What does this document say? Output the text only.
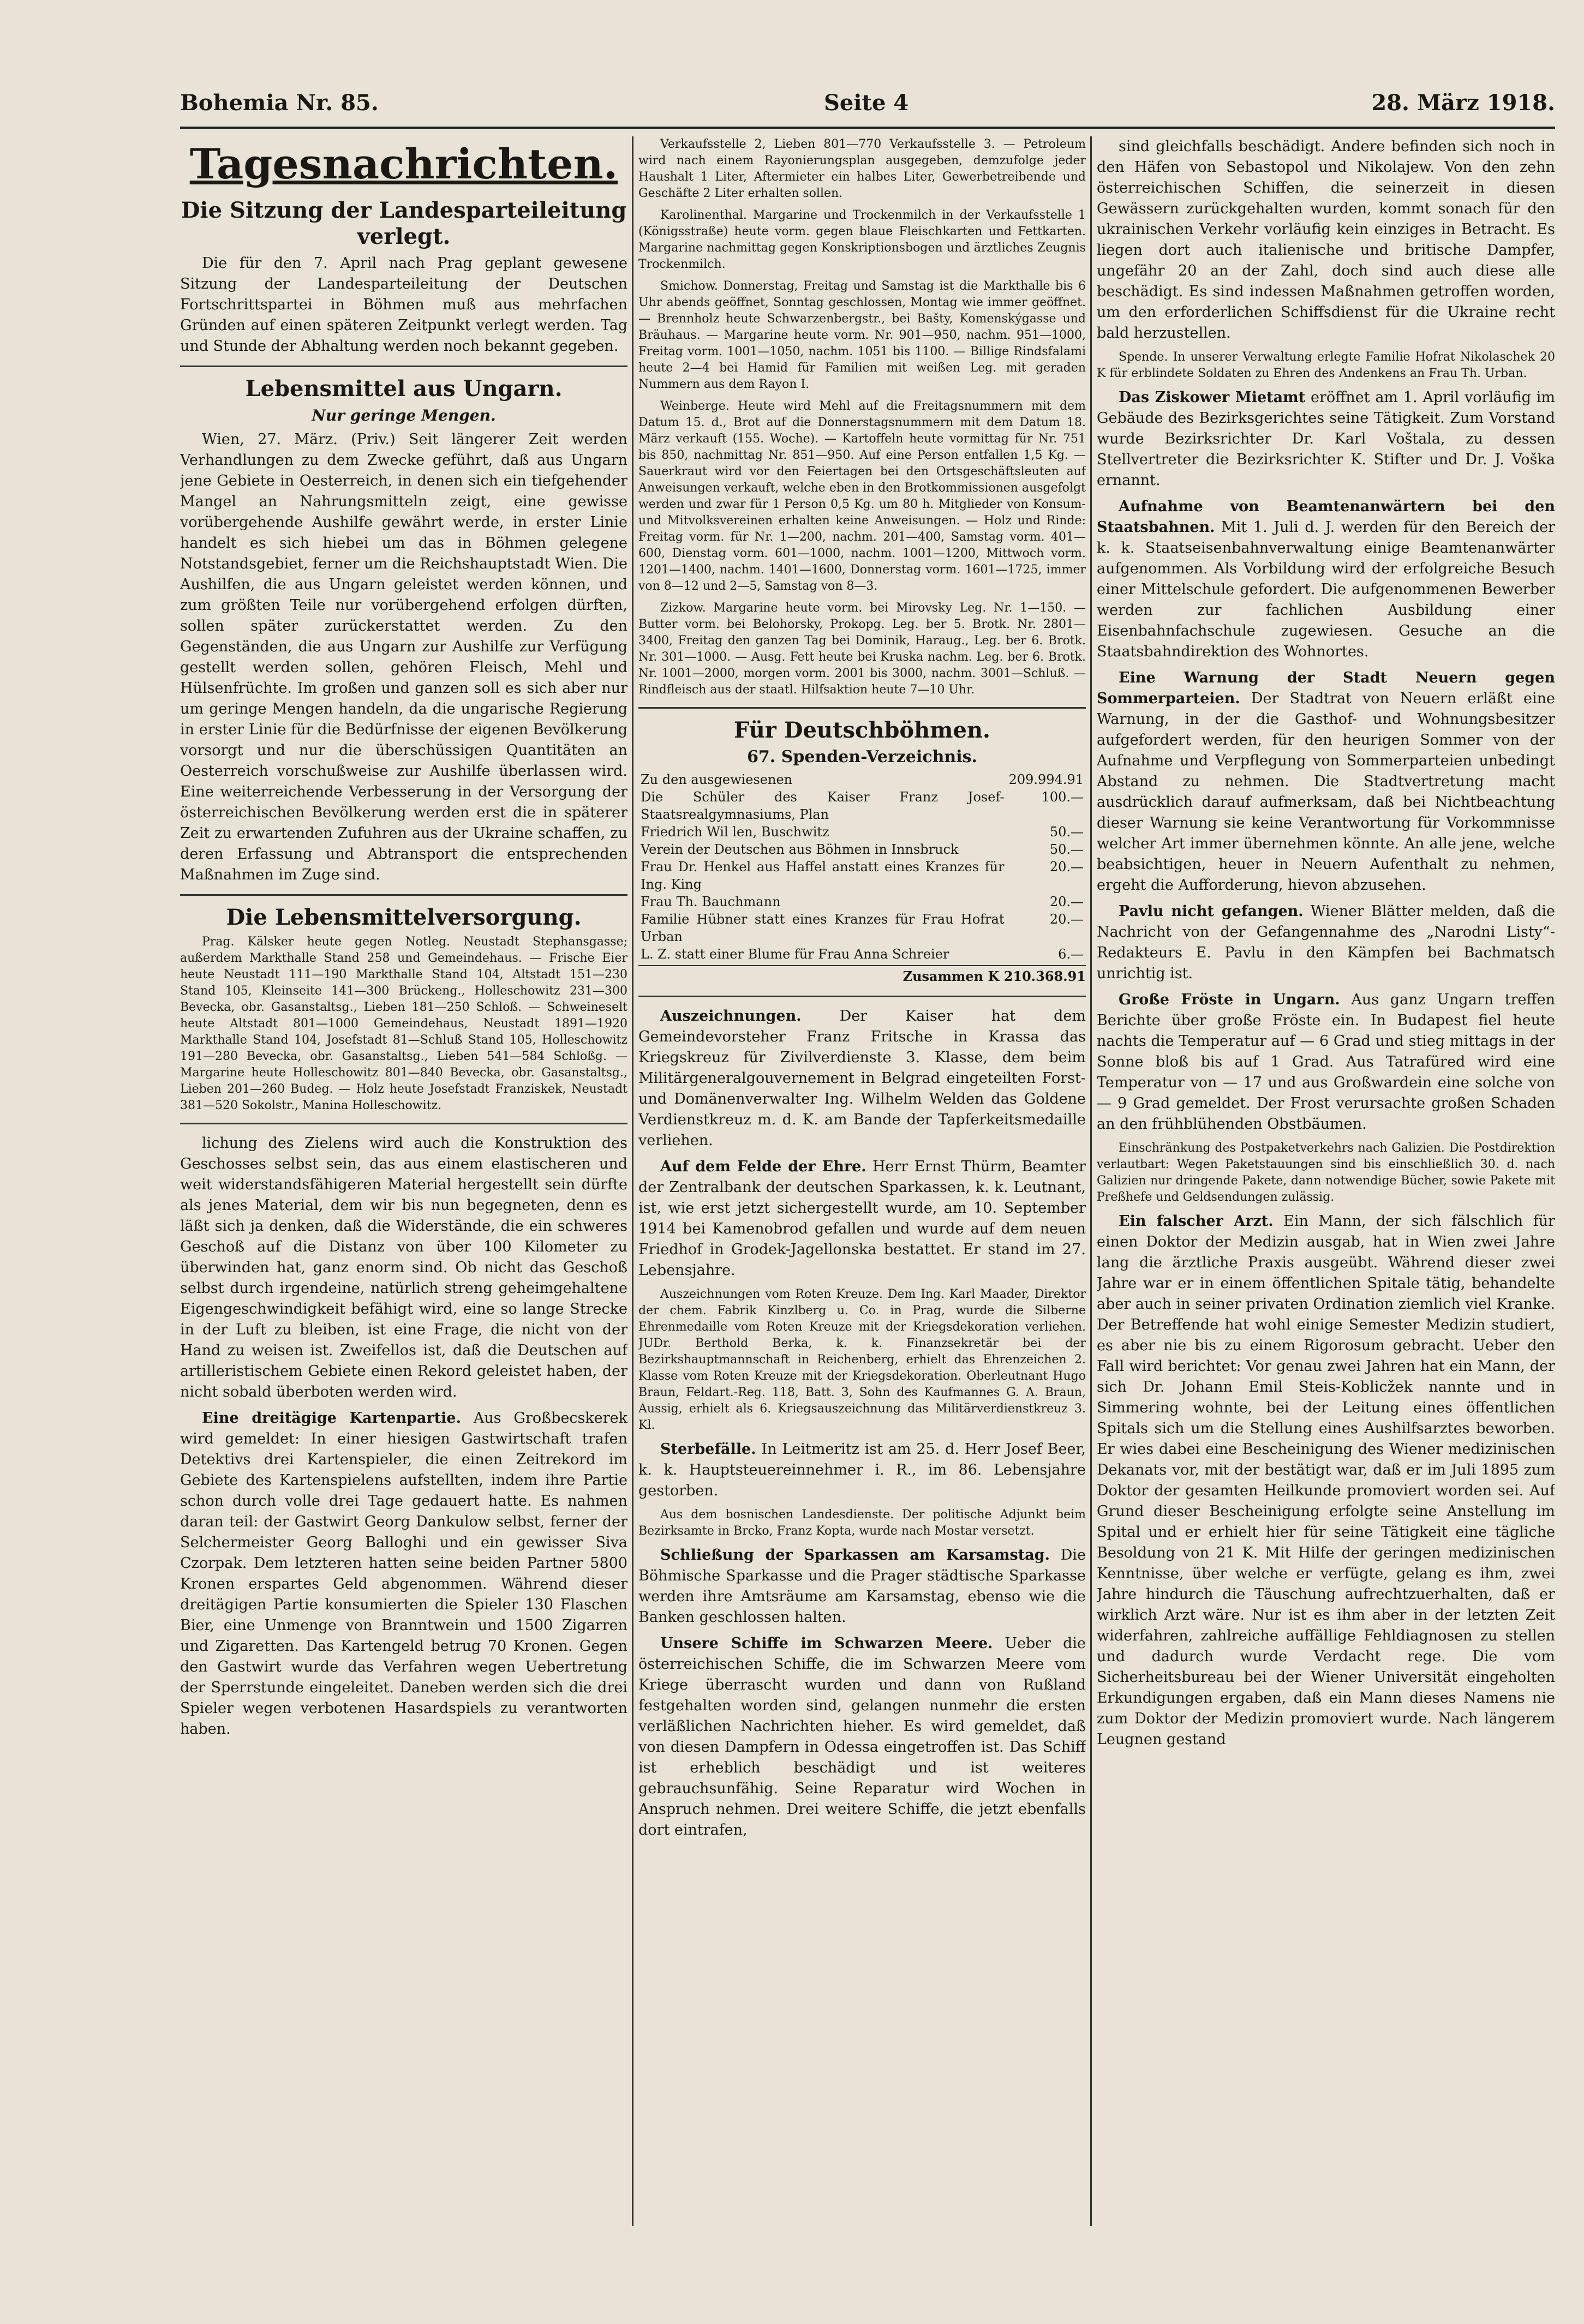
Bohemia Nr. 85.	Seite 4	28. März 1918.
Tagesnachrichten.
Die Sitzung der Landesparteileitung verlegt.

Die für den 7. April nach Prag geplant gewesene Sitzung der Landesparteileitung der Deutschen Fortschrittspartei in Böhmen muß aus mehrfachen Gründen auf einen späteren Zeitpunkt verlegt werden. Tag und Stunde der Abhaltung werden noch bekannt gegeben.

Lebensmittel aus Ungarn.
Nur geringe Mengen.

Wien, 27. März. (Priv.) Seit längerer Zeit werden Verhandlungen zu dem Zwecke geführt, daß aus Ungarn jene Gebiete in Oesterreich, in denen sich ein tiefgehender Mangel an Nahrungsmitteln zeigt, eine gewisse vorübergehende Aushilfe gewährt werde, in erster Linie handelt es sich hiebei um das in Böhmen gelegene Notstandsgebiet, ferner um die Reichshauptstadt Wien. Die Aushilfen, die aus Ungarn geleistet werden können, und zum größten Teile nur vorübergehend erfolgen dürften, sollen später zurückerstattet werden. Zu den Gegenständen, die aus Ungarn zur Aushilfe zur Verfügung gestellt werden sollen, gehören Fleisch, Mehl und Hülsenfrüchte. Im großen und ganzen soll es sich aber nur um geringe Mengen handeln, da die ungarische Regierung in erster Linie für die Bedürfnisse der eigenen Bevölkerung vorsorgt und nur die überschüssigen Quantitäten an Oesterreich vorschußweise zur Aushilfe überlassen wird. Eine weiterreichende Verbesserung in der Versorgung der österreichischen Bevölkerung werden erst die in späterer Zeit zu erwartenden Zufuhren aus der Ukraine schaffen, zu deren Erfassung und Abtransport die entsprechenden Maßnahmen im Zuge sind.

Die Lebensmittelversorgung.

Prag. Kälsker heute gegen Notleg. Neustadt Stephansgasse; außerdem Markthalle Stand 258 und Gemeindehaus. — Frische Eier heute Neustadt 111—190 Markthalle Stand 104, Altstadt 151—230 Stand 105, Kleinseite 141—300 Brückeng., Holleschowitz 231—300 Bevecka, obr. Gasanstaltsg., Lieben 181—250 Schloß. — Schweineselt heute Altstadt 801—1000 Gemeindehaus, Neustadt 1891—1920 Markthalle Stand 104, Josefstadt 81—Schluß Stand 105, Holleschowitz 191—280 Bevecka, obr. Gasanstaltsg., Lieben 541—584 Schloßg. — Margarine heute Holleschowitz 801—840 Bevecka, obr. Gasanstaltsg., Lieben 201—260 Budeg. — Holz heute Josefstadt Franziskek, Neustadt 381—520 Sokolstr., Manina Holleschowitz.

lichung des Zielens wird auch die Konstruktion des Geschosses selbst sein, das aus einem elastischeren und weit widerstandsfähigeren Material hergestellt sein dürfte als jenes Material, dem wir bis nun begegneten, denn es läßt sich ja denken, daß die Widerstände, die ein schweres Geschoß auf die Distanz von über 100 Kilometer zu überwinden hat, ganz enorm sind. Ob nicht das Geschoß selbst durch irgendeine, natürlich streng geheimgehaltene Eigengeschwindigkeit befähigt wird, eine so lange Strecke in der Luft zu bleiben, ist eine Frage, die nicht von der Hand zu weisen ist. Zweifellos ist, daß die Deutschen auf artilleristischem Gebiete einen Rekord geleistet haben, der nicht sobald überboten werden wird.

Eine dreitägige Kartenpartie. Aus Großbecskerek wird gemeldet: In einer hiesigen Gastwirtschaft trafen Detektivs drei Kartenspieler, die einen Zeitrekord im Gebiete des Kartenspielens aufstellten, indem ihre Partie schon durch volle drei Tage gedauert hatte. Es nahmen daran teil: der Gastwirt Georg Dankulow selbst, ferner der Selchermeister Georg Balloghi und ein gewisser Siva Czorpak. Dem letzteren hatten seine beiden Partner 5800 Kronen erspartes Geld abgenommen. Während dieser dreitägigen Partie konsumierten die Spieler 130 Flaschen Bier, eine Unmenge von Branntwein und 1500 Zigarren und Zigaretten. Das Kartengeld betrug 70 Kronen. Gegen den Gastwirt wurde das Verfahren wegen Uebertretung der Sperrstunde eingeleitet. Daneben werden sich die drei Spieler wegen verbotenen Hasardspiels zu verantworten haben.

Verkaufsstelle 2, Lieben 801—770 Verkaufsstelle 3. — Petroleum wird nach einem Rayonierungsplan ausgegeben, demzufolge jeder Haushalt 1 Liter, Aftermieter ein halbes Liter, Gewerbetreibende und Geschäfte 2 Liter erhalten sollen.

Karolinenthal. Margarine und Trockenmilch in der Verkaufsstelle 1 (Königsstraße) heute vorm. gegen blaue Fleischkarten und Fettkarten. Margarine nachmittag gegen Konskriptionsbogen und ärztliches Zeugnis Trockenmilch.

Smichow. Donnerstag, Freitag und Samstag ist die Markthalle bis 6 Uhr abends geöffnet, Sonntag geschlossen, Montag wie immer geöffnet. — Brennholz heute Schwarzenbergstr., bei Bašty, Komenskýgasse und Bräuhaus. — Margarine heute vorm. Nr. 901—950, nachm. 951—1000, Freitag vorm. 1001—1050, nachm. 1051 bis 1100. — Billige Rindsfalami heute 2—4 bei Hamid für Familien mit weißen Leg. mit geraden Nummern aus dem Rayon I.

Weinberge. Heute wird Mehl auf die Freitagsnummern mit dem Datum 15. d., Brot auf die Donnerstagsnummern mit dem Datum 18. März verkauft (155. Woche). — Kartoffeln heute vormittag für Nr. 751 bis 850, nachmittag Nr. 851—950. Auf eine Person entfallen 1,5 Kg. — Sauerkraut wird vor den Feiertagen bei den Ortsgeschäftsleuten auf Anweisungen verkauft, welche eben in den Brotkommissionen ausgefolgt werden und zwar für 1 Person 0,5 Kg. um 80 h. Mitglieder von Konsum- und Mitvolksvereinen erhalten keine Anweisungen. — Holz und Rinde: Freitag vorm. für Nr. 1—200, nachm. 201—400, Samstag vorm. 401—600, Dienstag vorm. 601—1000, nachm. 1001—1200, Mittwoch vorm. 1201—1400, nachm. 1401—1600, Donnerstag vorm. 1601—1725, immer von 8—12 und 2—5, Samstag von 8—3.

Zizkow. Margarine heute vorm. bei Mirovsky Leg. Nr. 1—150. — Butter vorm. bei Belohorsky, Prokopg. Leg. ber 5. Brotk. Nr. 2801—3400, Freitag den ganzen Tag bei Dominik, Haraug., Leg. ber 6. Brotk. Nr. 301—1000. — Ausg. Fett heute bei Kruska nachm. Leg. ber 6. Brotk. Nr. 1001—2000, morgen vorm. 2001 bis 3000, nachm. 3001—Schluß. — Rindfleisch aus der staatl. Hilfsaktion heute 7—10 Uhr.

Für Deutschböhmen.
67. Spenden-Verzeichnis.
Zu den ausgewiesenen	209.994.91
Die Schüler des Kaiser Franz Josef-Staatsrealgymnasiums, Plan	100.—
Friedrich Wil len, Buschwitz	50.—
Verein der Deutschen aus Böhmen in Innsbruck	50.—
Frau Dr. Henkel aus Haffel anstatt eines Kranzes für Ing. King	20.—
Frau Th. Bauchmann	20.—
Familie Hübner statt eines Kranzes für Frau Hofrat Urban	20.—
L. Z. statt einer Blume für Frau Anna Schreier	6.—
Zusammen K 210.368.91

Auszeichnungen.	Der Kaiser hat dem Gemeindevorsteher Franz Fritsche in Krassa das Kriegskreuz für Zivilverdienste 3. Klasse, dem beim Militärgeneralgouvernement in Belgrad eingeteilten Forst- und Domänenverwalter Ing. Wilhelm Welden das Goldene Verdienstkreuz m. d. K. am Bande der Tapferkeitsmedaille verliehen.

Auf dem Felde der Ehre. Herr Ernst Thürm, Beamter der Zentralbank der deutschen Sparkassen, k. k. Leutnant, ist, wie erst jetzt sichergestellt wurde, am 10. September 1914 bei Kamenobrod gefallen und wurde auf dem neuen Friedhof in Grodek-Jagellonska bestattet. Er stand im 27. Lebensjahre.

Auszeichnungen vom Roten Kreuze. Dem Ing. Karl Maader, Direktor der chem. Fabrik Kinzlberg u. Co. in Prag, wurde die Silberne Ehrenmedaille vom Roten Kreuze mit der Kriegsdekoration verliehen. JUDr. Berthold Berka, k. k. Finanzsekretär bei der Bezirkshauptmannschaft in Reichenberg, erhielt das Ehrenzeichen 2. Klasse vom Roten Kreuze mit der Kriegsdekoration. Oberleutnant Hugo Braun, Feldart.-Reg. 118, Batt. 3, Sohn des Kaufmannes G. A. Braun, Aussig, erhielt als 6. Kriegsauszeichnung das Militärverdienstkreuz 3. Kl.

Sterbefälle. In Leitmeritz ist am 25. d. Herr Josef Beer, k. k. Hauptsteuereinnehmer i. R., im 86. Lebensjahre gestorben.

Aus dem bosnischen Landesdienste. Der politische Adjunkt beim Bezirksamte in Brcko, Franz Kopta, wurde nach Mostar versetzt.

Schließung der Sparkassen am Karsamstag. Die Böhmische Sparkasse und die Prager städtische Sparkasse werden ihre Amtsräume am Karsamstag, ebenso wie die Banken geschlossen halten.

Unsere Schiffe im Schwarzen Meere. Ueber die österreichischen Schiffe, die im Schwarzen Meere vom Kriege überrascht wurden und dann von Rußland festgehalten worden sind, gelangen nunmehr die ersten verläßlichen Nachrichten hieher. Es wird gemeldet, daß von diesen Dampfern in Odessa eingetroffen ist. Das Schiff ist erheblich beschädigt und ist weiteres gebrauchsunfähig. Seine Reparatur wird Wochen in Anspruch nehmen. Drei weitere Schiffe, die jetzt ebenfalls dort eintrafen,

sind gleichfalls beschädigt. Andere befinden sich noch in den Häfen von Sebastopol und Nikolajew. Von den zehn österreichischen Schiffen, die seinerzeit in diesen Gewässern zurückgehalten wurden, kommt sonach für den ukrainischen Verkehr vorläufig kein einziges in Betracht. Es liegen dort auch italienische und britische Dampfer, ungefähr 20 an der Zahl, doch sind auch diese alle beschädigt. Es sind indessen Maßnahmen getroffen worden, um den erforderlichen Schiffsdienst für die Ukraine recht bald herzustellen.

Spende. In unserer Verwaltung erlegte Familie Hofrat Nikolaschek 20 K für erblindete Soldaten zu Ehren des Andenkens an Frau Th. Urban.

Das Ziskower Mietamt eröffnet am 1. April vorläufig im Gebäude des Bezirksgerichtes seine Tätigkeit. Zum Vorstand wurde Bezirksrichter Dr. Karl Voštala, zu dessen Stellvertreter die Bezirksrichter K. Stifter und Dr. J. Voška ernannt.

Aufnahme von Beamtenanwärtern bei den Staatsbahnen. Mit 1. Juli d. J. werden für den Bereich der k. k. Staatseisenbahnverwaltung einige Beamtenanwärter aufgenommen. Als Vorbildung wird der erfolgreiche Besuch einer Mittelschule gefordert. Die aufgenommenen Bewerber werden zur fachlichen Ausbildung einer Eisenbahnfachschule zugewiesen. Gesuche an die Staatsbahndirektion des Wohnortes.

Eine Warnung der Stadt Neuern gegen Sommerparteien. Der Stadtrat von Neuern erläßt eine Warnung, in der die Gasthof- und Wohnungsbesitzer aufgefordert werden, für den heurigen Sommer von der Aufnahme und Verpflegung von Sommerparteien unbedingt Abstand zu nehmen. Die Stadtvertretung macht ausdrücklich darauf aufmerksam, daß bei Nichtbeachtung dieser Warnung sie keine Verantwortung für Vorkommnisse welcher Art immer übernehmen könnte. An alle jene, welche beabsichtigen, heuer in Neuern Aufenthalt zu nehmen, ergeht die Aufforderung, hievon abzusehen.

Pavlu nicht gefangen. Wiener Blätter melden, daß die Nachricht von der Gefangennahme des „Narodni Listy“-Redakteurs E. Pavlu in den Kämpfen bei Bachmatsch unrichtig ist.

Große Fröste in Ungarn. Aus ganz Ungarn treffen Berichte über große Fröste ein. In Budapest fiel heute nachts die Temperatur auf — 6 Grad und stieg mittags in der Sonne bloß bis auf 1 Grad. Aus Tatrafüred wird eine Temperatur von — 17 und aus Großwardein eine solche von — 9 Grad gemeldet. Der Frost verursachte großen Schaden an den frühblühenden Obstbäumen.

Einschränkung des Postpaketverkehrs nach Galizien. Die Postdirektion verlautbart: Wegen Paketstauungen sind bis einschließlich 30. d. nach Galizien nur dringende Pakete, dann notwendige Bücher, sowie Pakete mit Preßhefe und Geldsendungen zulässig.

Ein falscher Arzt. Ein Mann, der sich fälschlich für einen Doktor der Medizin ausgab, hat in Wien zwei Jahre lang die ärztliche Praxis ausgeübt. Während dieser zwei Jahre war er in einem öffentlichen Spitale tätig, behandelte aber auch in seiner privaten Ordination ziemlich viel Kranke. Der Betreffende hat wohl einige Semester Medizin studiert, es aber nie bis zu einem Rigorosum gebracht. Ueber den Fall wird berichtet: Vor genau zwei Jahren hat ein Mann, der sich Dr. Johann Emil Steis-Koblicžek nannte und in Simmering wohnte, bei der Leitung eines öffentlichen Spitals sich um die Stellung eines Aushilfsarztes beworben. Er wies dabei eine Bescheinigung des Wiener medizinischen Dekanats vor, mit der bestätigt war, daß er im Juli 1895 zum Doktor der gesamten Heilkunde promoviert worden sei. Auf Grund dieser Bescheinigung erfolgte seine Anstellung im Spital und er erhielt hier für seine Tätigkeit eine tägliche Besoldung von 21 K. Mit Hilfe der geringen medizinischen Kenntnisse, über welche er verfügte, gelang es ihm, zwei Jahre hindurch die Täuschung aufrechtzuerhalten, daß er wirklich Arzt wäre. Nur ist es ihm aber in der letzten Zeit widerfahren, zahlreiche auffällige Fehldiagnosen zu stellen und dadurch wurde Verdacht rege. Die vom Sicherheitsbureau bei der Wiener Universität eingeholten Erkundigungen ergaben, daß ein Mann dieses Namens nie zum Doktor der Medizin promoviert wurde. Nach längerem Leugnen gestand
